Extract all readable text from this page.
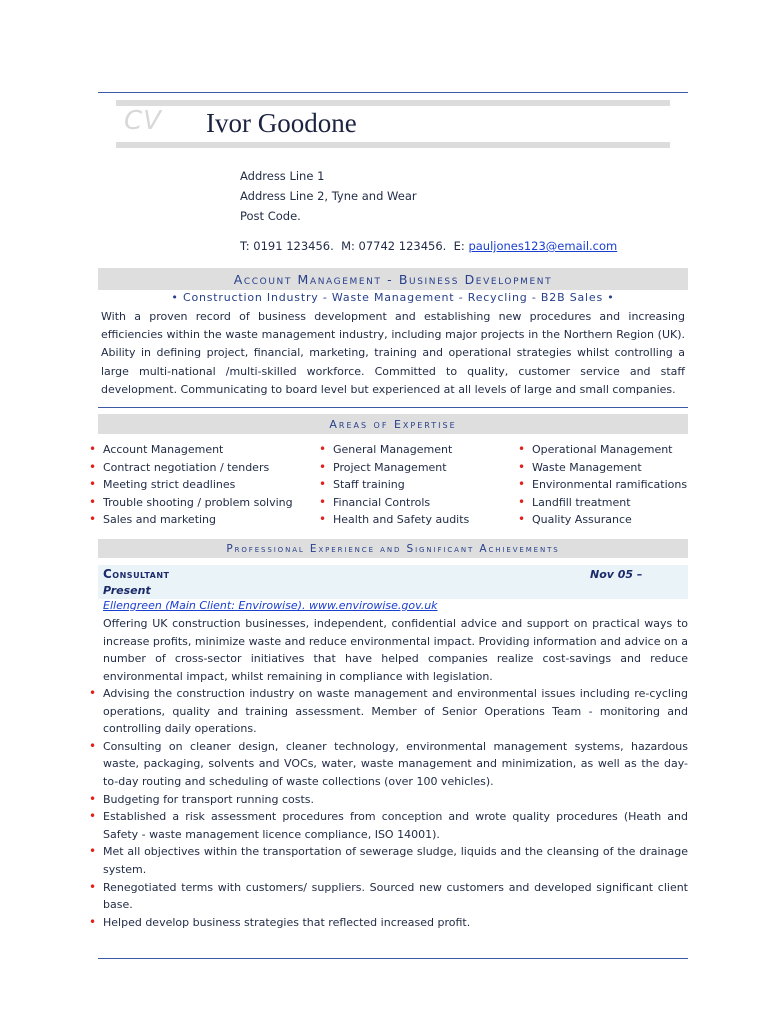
CV Ivor Goodone
Address Line 1
Address Line 2, Tyne and Wear
Post Code.
T: 0191 123456.  M: 07742 123456.  E: pauljones123@email.com
Account Management - Business Development
• Construction Industry - Waste Management - Recycling - B2B Sales •
With a proven record of business development and establishing new procedures and increasing efficiencies within the waste management industry, including major projects in the Northern Region (UK). Ability in defining project, financial, marketing, training and operational strategies whilst controlling a large multi-national /multi-skilled workforce. Committed to quality, customer service and staff development. Communicating to board level but experienced at all levels of large and small companies.
Areas of Expertise
• Account Management
• Contract negotiation / tenders
• Meeting strict deadlines
• Trouble shooting / problem solving
• Sales and marketing
• General Management
• Project Management
• Staff training
• Financial Controls
• Health and Safety audits
• Operational Management
• Waste Management
• Environmental ramifications
• Landfill treatment
• Quality Assurance
Professional Experience and Significant Achievements
Consultant	Nov 05 –
Present
Ellengreen (Main Client: Envirowise). www.envirowise.gov.uk
Offering UK construction businesses, independent, confidential advice and support on practical ways to increase profits, minimize waste and reduce environmental impact. Providing information and advice on a number of cross-sector initiatives that have helped companies realize cost-savings and reduce environmental impact, whilst remaining in compliance with legislation.
• Advising the construction industry on waste management and environmental issues including re-cycling operations, quality and training assessment. Member of Senior Operations Team - monitoring and controlling daily operations.
• Consulting on cleaner design, cleaner technology, environmental management systems, hazardous waste, packaging, solvents and VOCs, water, waste management and minimization, as well as the day-to-day routing and scheduling of waste collections (over 100 vehicles).
• Budgeting for transport running costs.
• Established a risk assessment procedures from conception and wrote quality procedures (Heath and Safety - waste management licence compliance, ISO 14001).
• Met all objectives within the transportation of sewerage sludge, liquids and the cleansing of the drainage system.
• Renegotiated terms with customers/ suppliers. Sourced new customers and developed significant client base.
• Helped develop business strategies that reflected increased profit.
